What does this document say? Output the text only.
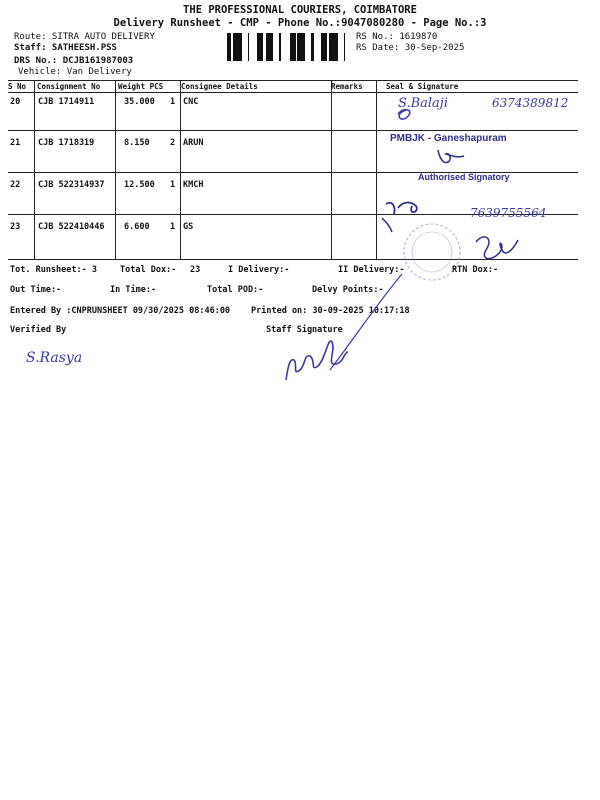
THE PROFESSIONAL COURIERS, COIMBATORE
Delivery Runsheet - CMP - Phone No.:9047080280 - Page No.:3
Route: SITRA AUTO DELIVERY
Staff: SATHEESH.PSS
DRS No.: DCJB161987003
Vehicle: Van Delivery
RS No.: 1619870
RS Date: 30-Sep-2025
S No Consignment No Weight PCS Consignee Details	Remarks	Seal & Signature
20 CJB 1714911	35.000 1 CNC
21 CJB 1718319	8.150 2 ARUN
22 CJB 522314937 12.500 1 KMCH
23 CJB 522410446 6.600 1 GS
S.Balaji	6374389812
PMBJK - Ganeshapuram
Authorised Signatory
7639755564
Tot. Runsheet:- 3	Total Dox:- 23	I Delivery:-	II Delivery:-	RTN Dox:-
Out Time:-	In Time:-	Total POD:-	Delvy Points:-
Entered By :CNPRUNSHEET 09/30/2025 08:46:00 Printed on: 30-09-2025 10:17:18
Verified By	Staff Signature
S.Rasya
